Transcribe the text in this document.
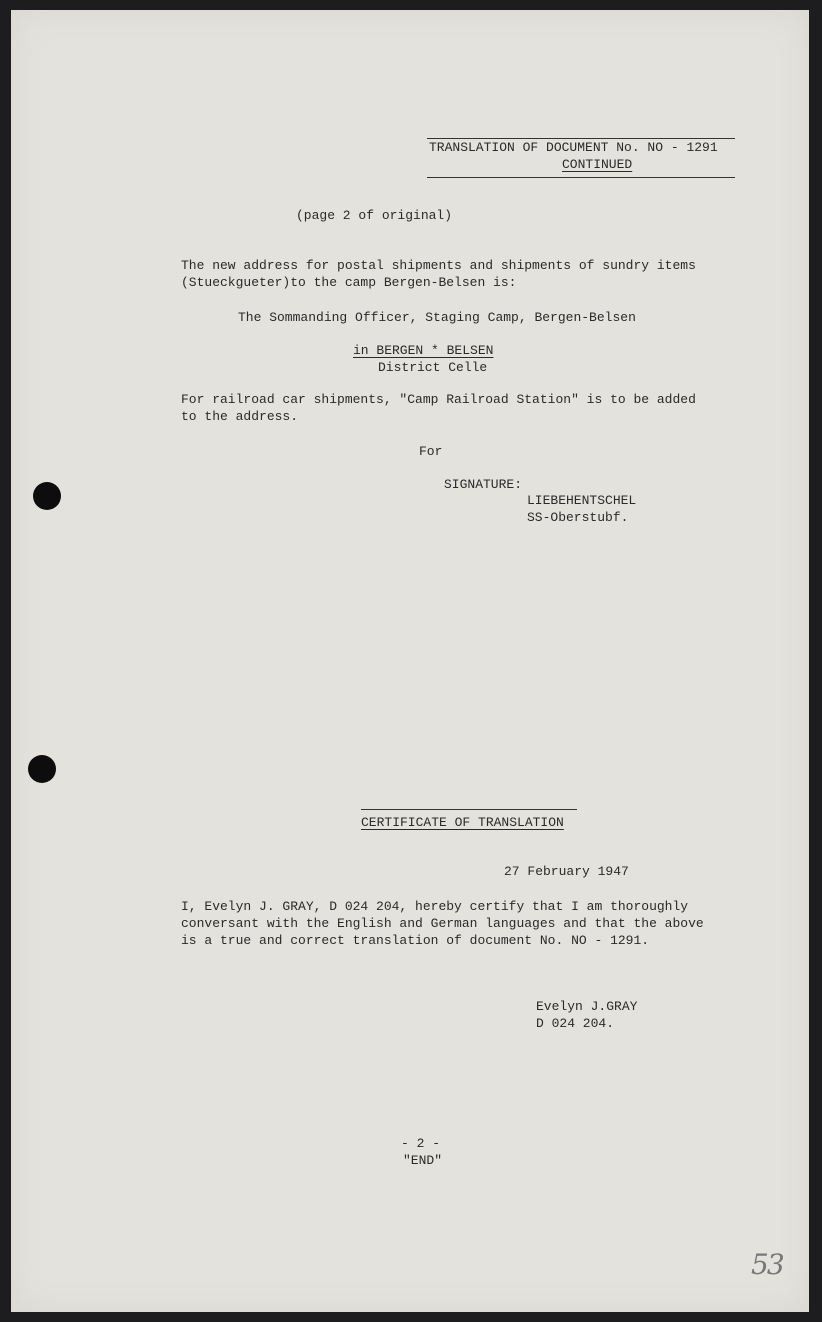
TRANSLATION OF DOCUMENT No. NO - 1291
CONTINUED
(page 2 of original)
The new address for postal shipments and shipments of sundry items
(Stueckgueter)to the camp Bergen-Belsen is:
The Sommanding Officer, Staging Camp, Bergen-Belsen
in BERGEN * BELSEN
District Celle
For railroad car shipments, "Camp Railroad Station" is to be added
to the address.
For
SIGNATURE:
LIEBEHENTSCHEL
SS-Oberstubf.
CERTIFICATE OF TRANSLATION
27 February 1947
I, Evelyn J. GRAY, D 024 204, hereby certify that I am thoroughly
conversant with the English and German languages and that the above
is a true and correct translation of document No. NO - 1291.
Evelyn J.GRAY
D 024 204.
- 2 -
"END"
53
